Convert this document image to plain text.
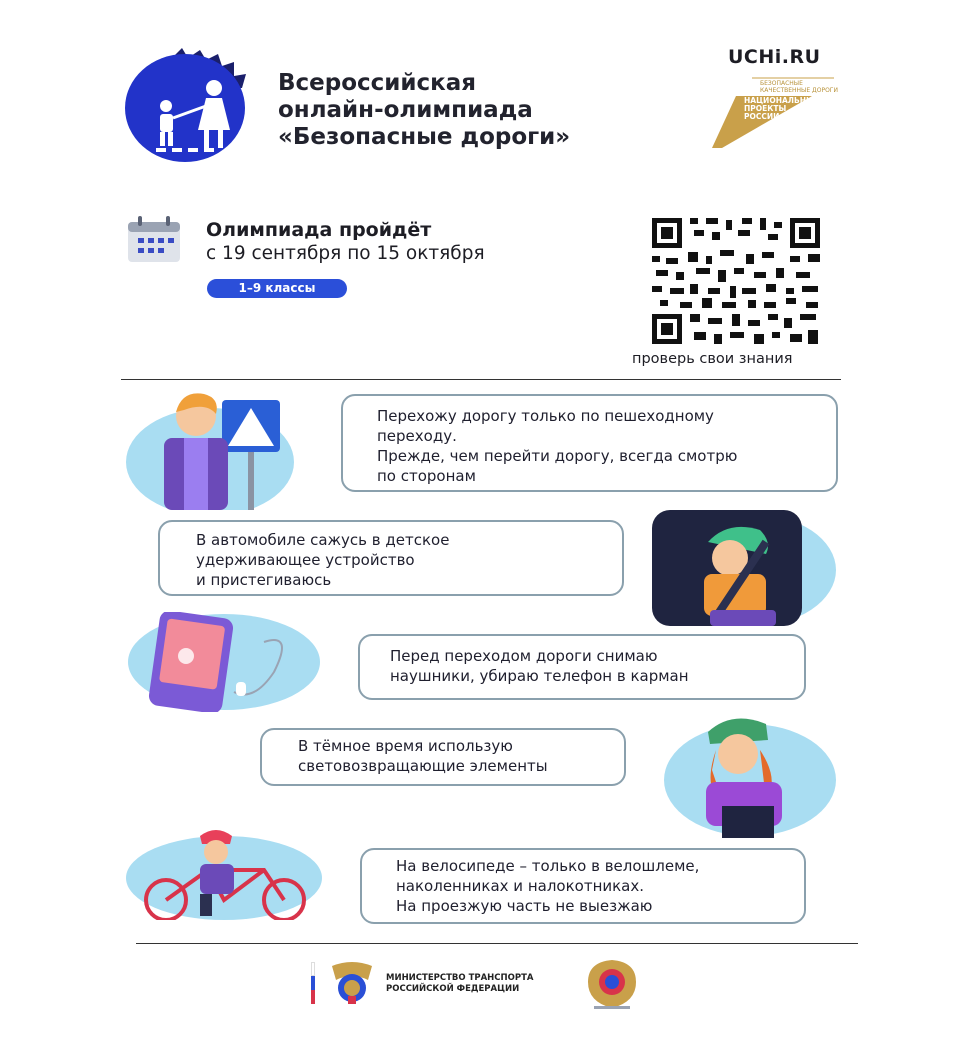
Всероссийская
онлайн-олимпиада
«Безопасные дороги»
UCHi.RU
БЕЗОПАСНЫЕ КАЧЕСТВЕННЫЕ ДОРОГИ
НАЦИОНАЛЬНЫЕ ПРОЕКТЫ РОССИИ
Олимпиада пройдёт
с 19 сентября по 15 октября
1–9 классы
проверь свои знания
Перехожу дорогу только по пешеходному
переходу.
Прежде, чем перейти дорогу, всегда смотрю
по сторонам
В автомобиле сажусь в детское
удерживающее устройство
и пристегиваюсь
Перед переходом дороги снимаю
наушники, убираю телефон в карман
В тёмное время использую
световозвращающие элементы
На велосипеде – только в велошлеме,
наколенниках и налокотниках.
На проезжую часть не выезжаю
МИНИСТЕРСТВО ТРАНСПОРТА
РОССИЙСКОЙ ФЕДЕРАЦИИ
